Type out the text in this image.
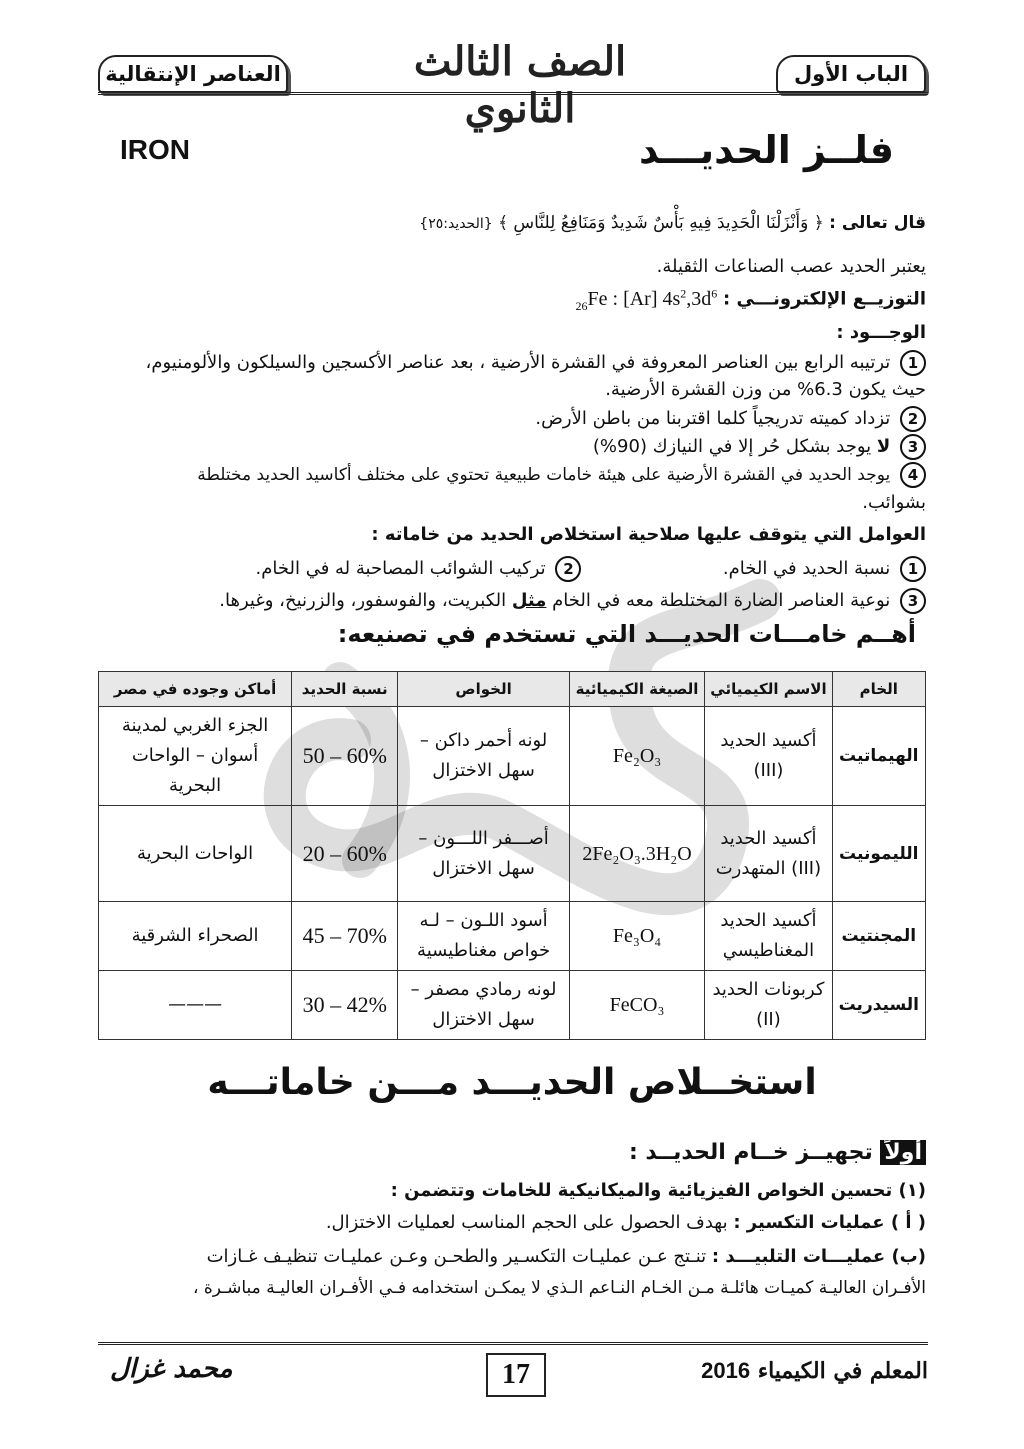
العناصر الإنتقالية	الباب الأول
الصف الثالث الثانوي
فلــز الحديـــد
IRON
قال تعالى : ﴿ وَأَنْزَلْنَا الْحَدِيدَ فِيهِ بَأْسٌ شَدِيدٌ وَمَنَافِعُ لِلنَّاسِ ﴾ {الحديد:٢٥}
يعتبر الحديد عصب الصناعات الثقيلة.
التوزيــع الإلكترونـــي : $_{26}$Fe : [Ar] $4s^2,3d^6$
الوجـــود :
1 ترتيبه الرابع بين العناصر المعروفة في القشرة الأرضية ، بعد عناصر الأكسجين والسيلكون والألومنيوم،
حيث يكون 6.3% من وزن القشرة الأرضية.
2 تزداد كميته تدريجياً كلما اقتربنا من باطن الأرض.
3 لا يوجد بشكل حُر إلا في النيازك (90%)
4 يوجد الحديد في القشرة الأرضية على هيئة خامات طبيعية تحتوي على مختلف أكاسيد الحديد مختلطة
بشوائب.
العوامل التي يتوقف عليها صلاحية استخلاص الحديد من خاماته :
1 نسبة الحديد في الخام.  2 تركيب الشوائب المصاحبة له في الخام.
3 نوعية العناصر الضارة المختلطة معه في الخام مثل الكبريت، والفوسفور، والزرنيخ، وغيرها.
أهــم خامـــات الحديـــد التي تستخدم في تصنيعه:
الخام	الاسم الكيميائي	الصيغة الكيميائية	الخواص	نسبة الحديد	أماكن وجوده في مصر
الهيماتيت	أكسيد الحديد (III)	Fe₂O₃	لونه أحمر داكن – سهل الاختزال	50 – 60%	الجزء الغربي لمدينة أسوان – الواحات البحرية
الليمونيت	أكسيد الحديد (III) المتهدرت	2Fe₂O₃.3H₂O	أصـــفر اللـــون – سهل الاختزال	20 – 60%	الواحات البحرية
المجنتيت	أكسيد الحديد المغناطيسي	Fe₃O₄	أسود اللـون – لـه خواص مغناطيسية	45 – 70%	الصحراء الشرقية
السيدريت	كربونات الحديد (II)	FeCO₃	لونه رمادي مصفر – سهل الاختزال	30 – 42%	———
استخــلاص الحديـــد مـــن خاماتـــه
أولاً تجهيــز خــام الحديــد :
(١) تحسين الخواص الفيزيائية والميكانيكية للخامات وتتضمن :
( أ ) عمليات التكسير : بهدف الحصول على الحجم المناسب لعمليات الاختزال.
(ب) عمليـــات التلبيـــد : تنـتج عـن عمليـات التكسـير والطحـن وعـن عمليـات تنظيـف غـازات
الأفـران العاليـة كميـات هائلـة مـن الخـام النـاعم الـذي لا يمكـن استخدامه فـي الأفـران العاليـة مباشـرة ،
17	المعلم في الكيمياء 2016
محمد غزال
